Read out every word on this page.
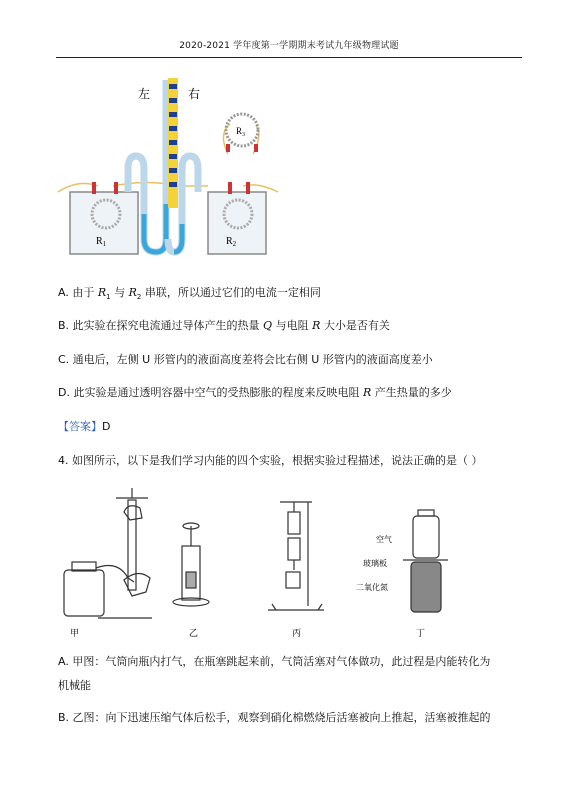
2020-2021 学年度第一学期期末考试九年级物理试题
$R_3$
$R_1$	$R_2$
左	右
A. 由于 $R_1$ 与 $R_2$ 串联，所以通过它们的电流一定相同
B. 此实验在探究电流通过导体产生的热量 Q 与电阻 R 大小是否有关
C. 通电后，左侧 U 形管内的液面高度差将会比右侧 U 形管内的液面高度差小
D. 此实验是通过透明容器中空气的受热膨胀的程度来反映电阻 R 产生热量的多少
【答案】D
4. 如图所示，以下是我们学习内能的四个实验，根据实验过程描述，说法正确的是（ ）
甲	乙	丙	丁
空气
玻璃板
二氧化氮
A. 甲图：气筒向瓶内打气，在瓶塞跳起来前，气筒活塞对气体做功，此过程是内能转化为
机械能
B. 乙图：向下迅速压缩气体后松手，观察到硝化棉燃烧后活塞被向上推起，活塞被推起的
